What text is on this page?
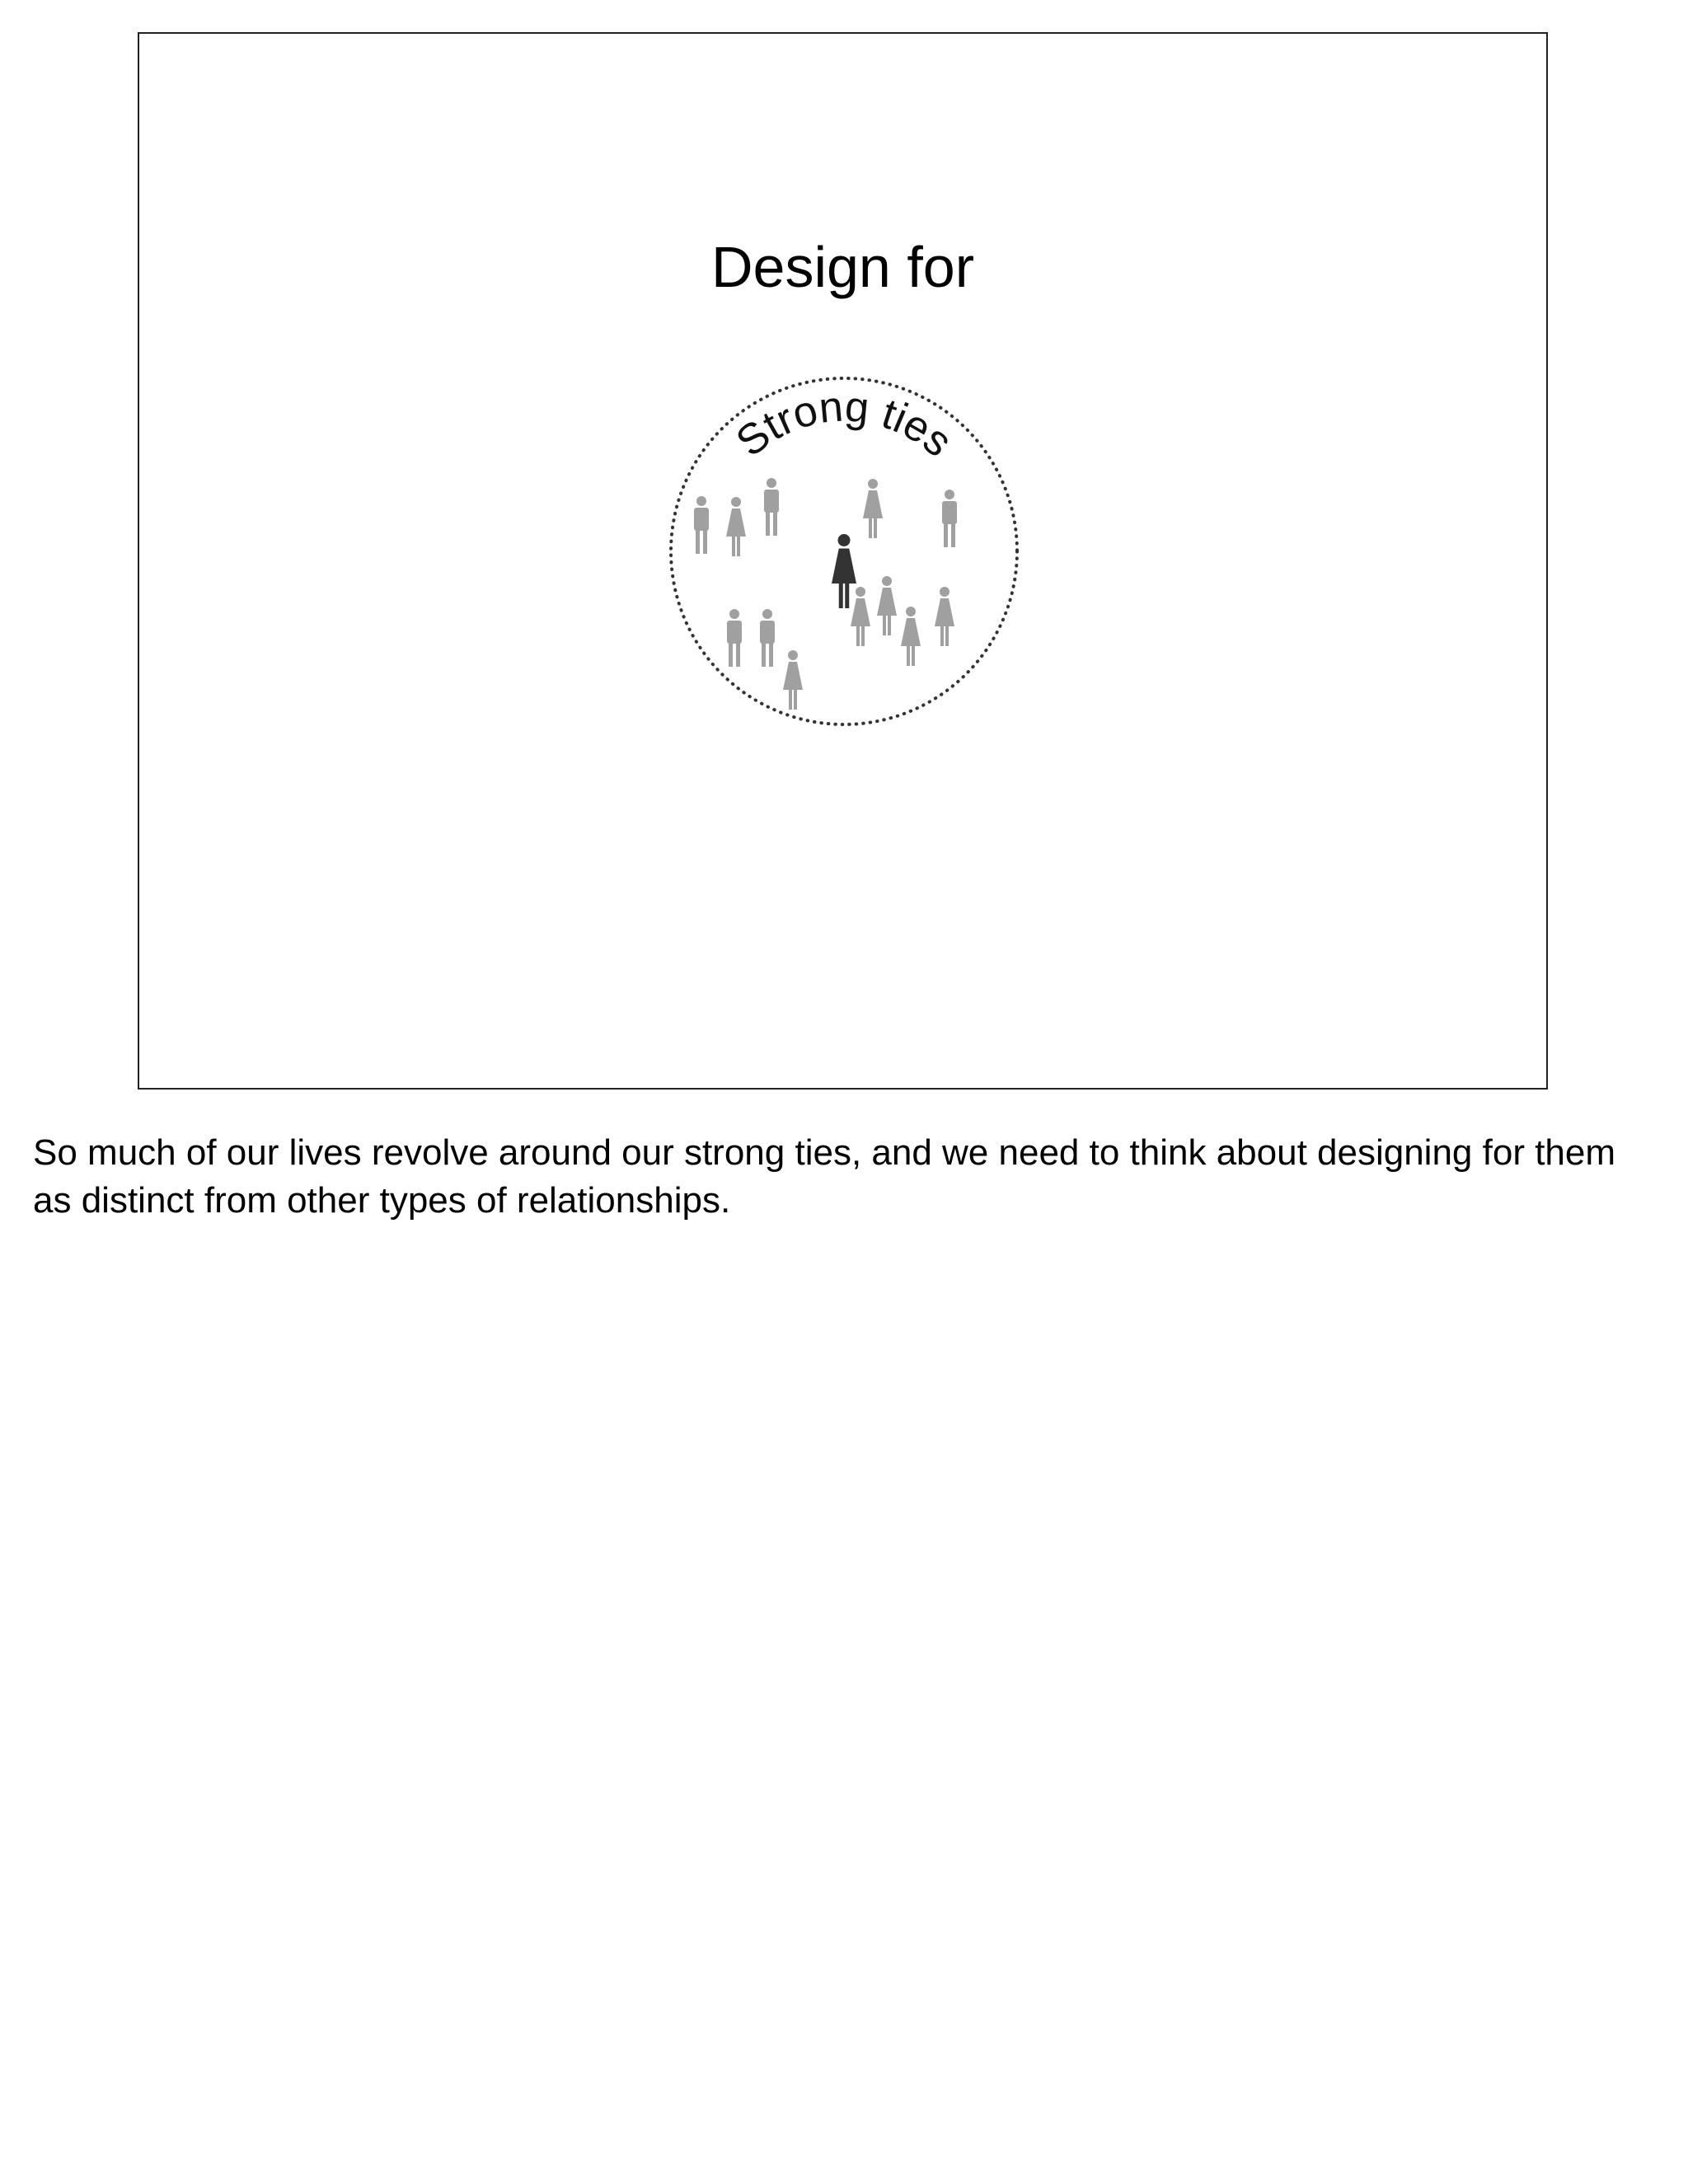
Design for
Strong ties
So much of our lives revolve around our strong ties, and we need to think about designing for them as distinct from other types of relationships.
